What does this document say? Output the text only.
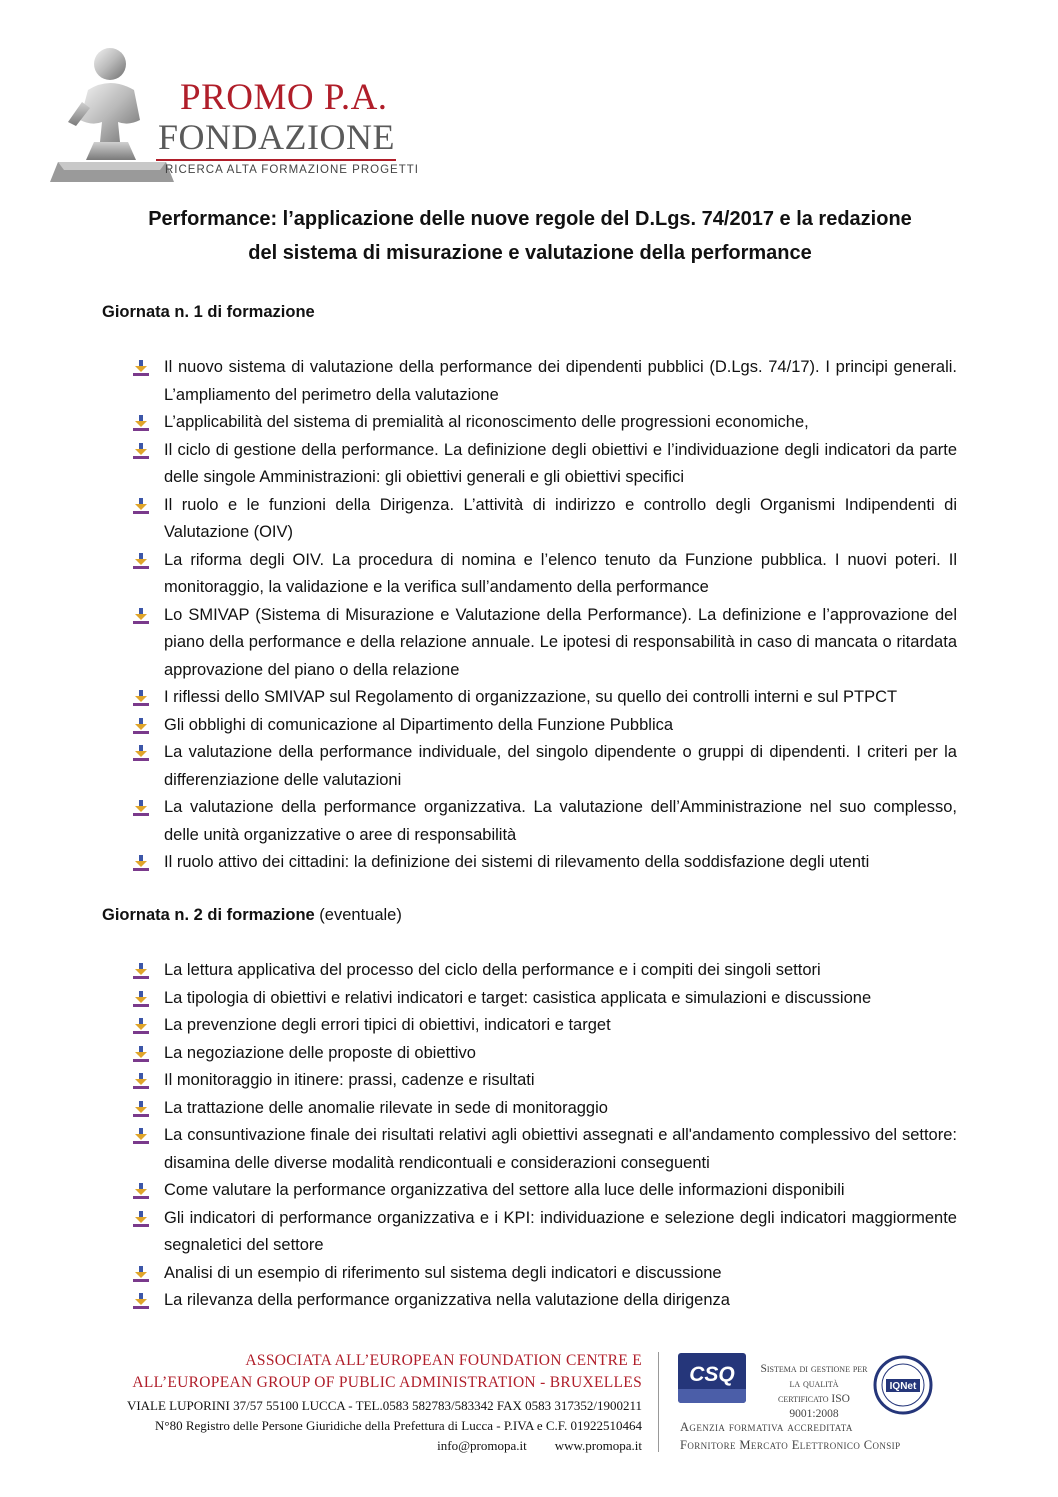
PROMO P.A.
FONDAZIONE
RICERCA ALTA FORMAZIONE PROGETTI
Performance: l’applicazione delle nuove regole del D.Lgs. 74/2017 e la redazione
del sistema di misurazione e valutazione della performance
Giornata n. 1 di formazione
Il nuovo sistema di valutazione della performance dei dipendenti pubblici (D.Lgs. 74/17). I principi generali. L’ampliamento del perimetro della valutazione
L’applicabilità del sistema di premialità al riconoscimento delle progressioni economiche,
Il ciclo di gestione della performance. La definizione degli obiettivi e l’individuazione degli indicatori da parte delle singole Amministrazioni: gli obiettivi generali e gli obiettivi specifici
Il ruolo e le funzioni della Dirigenza. L’attività di indirizzo e controllo degli Organismi Indipendenti di Valutazione (OIV)
La riforma degli OIV. La procedura di nomina e l’elenco tenuto da Funzione pubblica. I nuovi poteri. Il monitoraggio, la validazione e la verifica sull’andamento della performance
Lo SMIVAP (Sistema di Misurazione e Valutazione della Performance). La definizione e l’approvazione del piano della performance e della relazione annuale. Le ipotesi di responsabilità in caso di mancata o ritardata approvazione del piano o della relazione
I riflessi dello SMIVAP sul Regolamento di organizzazione, su quello dei controlli interni e sul PTPCT
Gli obblighi di comunicazione al Dipartimento della Funzione Pubblica
La valutazione della performance individuale, del singolo dipendente o gruppi di dipendenti. I criteri per la differenziazione delle valutazioni
La valutazione della performance organizzativa. La valutazione dell’Amministrazione nel suo complesso, delle unità organizzative o aree di responsabilità
Il ruolo attivo dei cittadini: la definizione dei sistemi di rilevamento della soddisfazione degli utenti
Giornata n. 2 di formazione (eventuale)
La lettura applicativa del processo del ciclo della performance e i compiti dei singoli settori
La tipologia di obiettivi e relativi indicatori e target: casistica applicata e simulazioni e discussione
La prevenzione degli errori tipici di obiettivi, indicatori e target
La negoziazione delle proposte di obiettivo
Il monitoraggio in itinere: prassi, cadenze e risultati
La trattazione delle anomalie rilevate in sede di monitoraggio
La consuntivazione finale dei risultati relativi agli obiettivi assegnati e all'andamento complessivo del settore: disamina delle diverse modalità rendicontuali e considerazioni conseguenti
Come valutare la performance organizzativa del settore alla luce delle informazioni disponibili
Gli indicatori di performance organizzativa e i KPI: individuazione e selezione degli indicatori maggiormente segnaletici del settore
Analisi di un esempio di riferimento sul sistema degli indicatori e discussione
La rilevanza della performance organizzativa nella valutazione della dirigenza
ASSOCIATA ALL’EUROPEAN FOUNDATION CENTRE E
ALL’EUROPEAN GROUP OF PUBLIC ADMINISTRATION - BRUXELLES
VIALE LUPORINI 37/57 55100 LUCCA - TEL.0583 582783/583342 FAX 0583 317352/1900211
N°80 Registro delle Persone Giuridiche della Prefettura di Lucca - P.IVA e C.F. 01922510464
info@promopa.it www.promopa.it
CSQ	Sistema di gestione per
la qualità
certificato ISO 9001:2008
IQNet
Agenzia formativa accreditata
Fornitore Mercato Elettronico Consip
